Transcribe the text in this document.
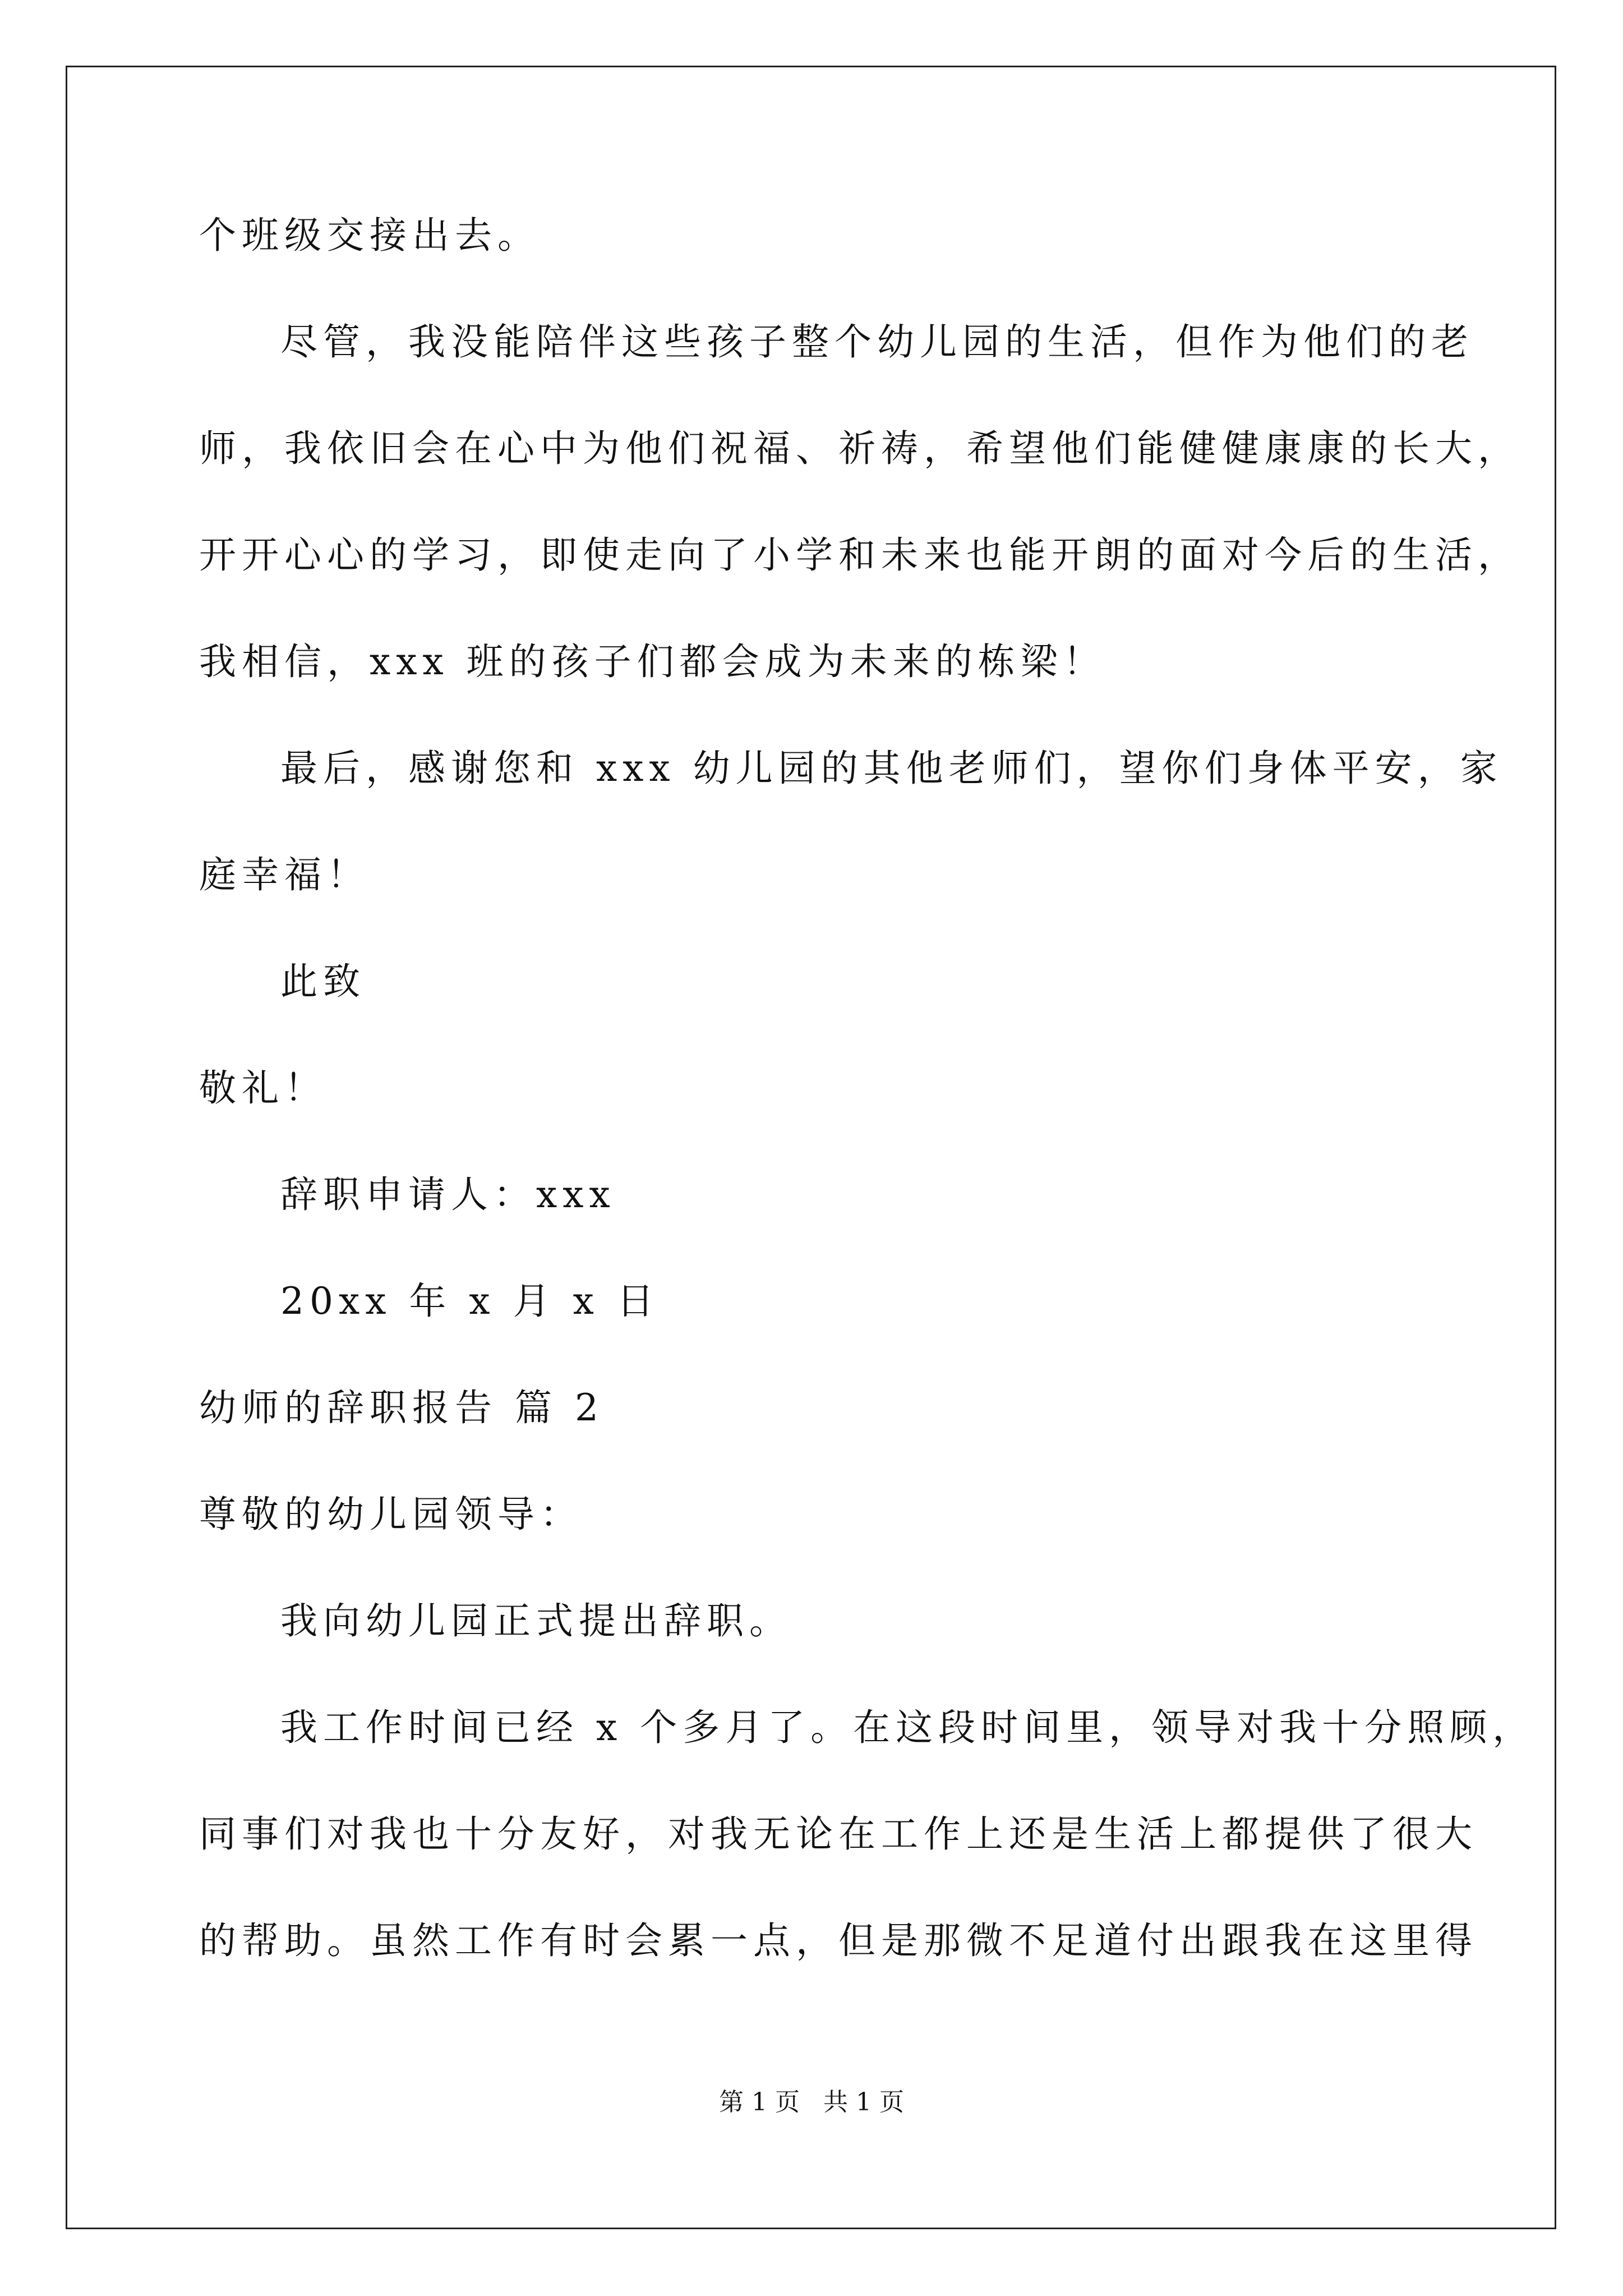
个班级交接出去。
尽管，我没能陪伴这些孩子整个幼儿园的生活，但作为他们的老
师，我依旧会在心中为他们祝福、祈祷，希望他们能健健康康的长大，
开开心心的学习，即使走向了小学和未来也能开朗的面对今后的生活，
我相信，xxx 班的孩子们都会成为未来的栋梁！
最后，感谢您和 xxx 幼儿园的其他老师们，望你们身体平安，家
庭幸福！
此致
敬礼！
辞职申请人：xxx
20xx 年 x 月 x 日
幼师的辞职报告 篇 2
尊敬的幼儿园领导：
我向幼儿园正式提出辞职。
我工作时间已经 x 个多月了。在这段时间里，领导对我十分照顾，
同事们对我也十分友好，对我无论在工作上还是生活上都提供了很大
的帮助。虽然工作有时会累一点，但是那微不足道付出跟我在这里得
第 1 页   共 1 页
